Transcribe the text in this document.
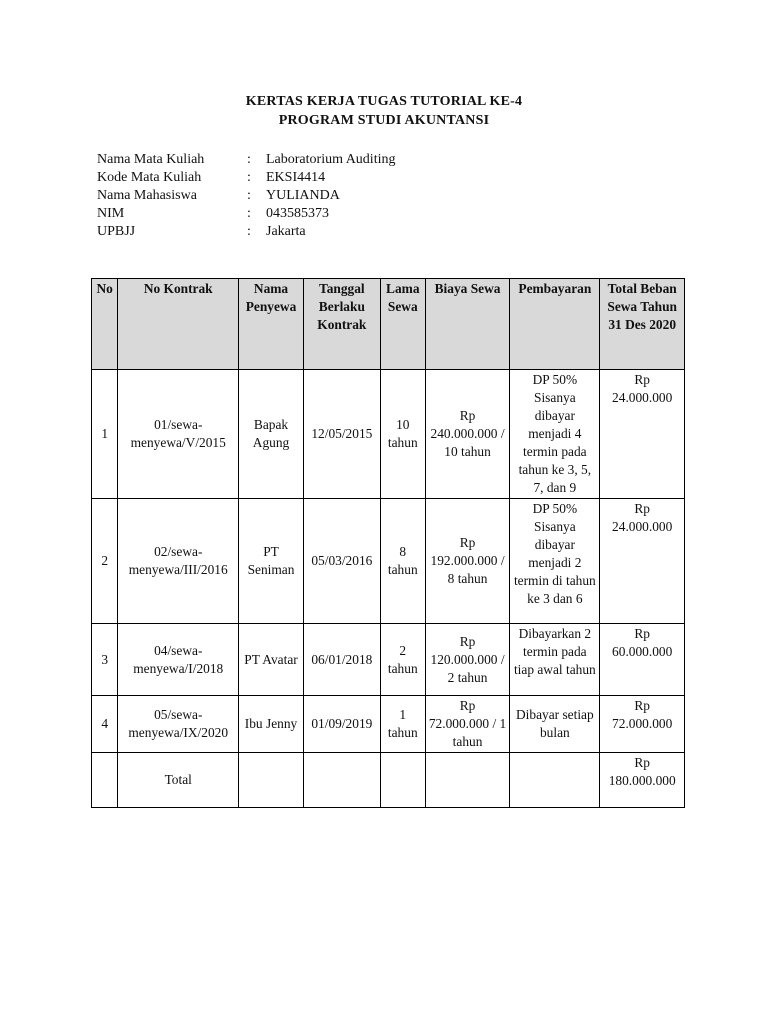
KERTAS KERJA TUGAS TUTORIAL KE-4
PROGRAM STUDI AKUNTANSI
Nama Mata Kuliah	:	Laboratorium Auditing
Kode Mata Kuliah	:	EKSI4414
Nama Mahasiswa	:	YULIANDA
NIM	:	043585373
UPBJJ	:	Jakarta
No	No Kontrak	Nama Penyewa	Tanggal Berlaku Kontrak	Lama Sewa	Biaya Sewa	Pembayaran	Total Beban Sewa Tahun 31 Des 2020
1	01/sewa-menyewa/V/2015	Bapak Agung	12/05/2015	10 tahun	Rp 240.000.000 / 10 tahun	DP 50% Sisanya dibayar menjadi 4 termin pada tahun ke 3, 5, 7, dan 9	Rp 24.000.000
2	02/sewa-menyewa/III/2016	PT Seniman	05/03/2016	8 tahun	Rp 192.000.000 / 8 tahun	DP 50% Sisanya dibayar menjadi 2 termin di tahun ke 3 dan 6	Rp 24.000.000
3	04/sewa-menyewa/I/2018	PT Avatar	06/01/2018	2 tahun	Rp 120.000.000 / 2 tahun	Dibayarkan 2 termin pada tiap awal tahun	Rp 60.000.000
4	05/sewa-menyewa/IX/2020	Ibu Jenny	01/09/2019	1 tahun	Rp 72.000.000 / 1 tahun	Dibayar setiap bulan	Rp 72.000.000
	Total						Rp 180.000.000
